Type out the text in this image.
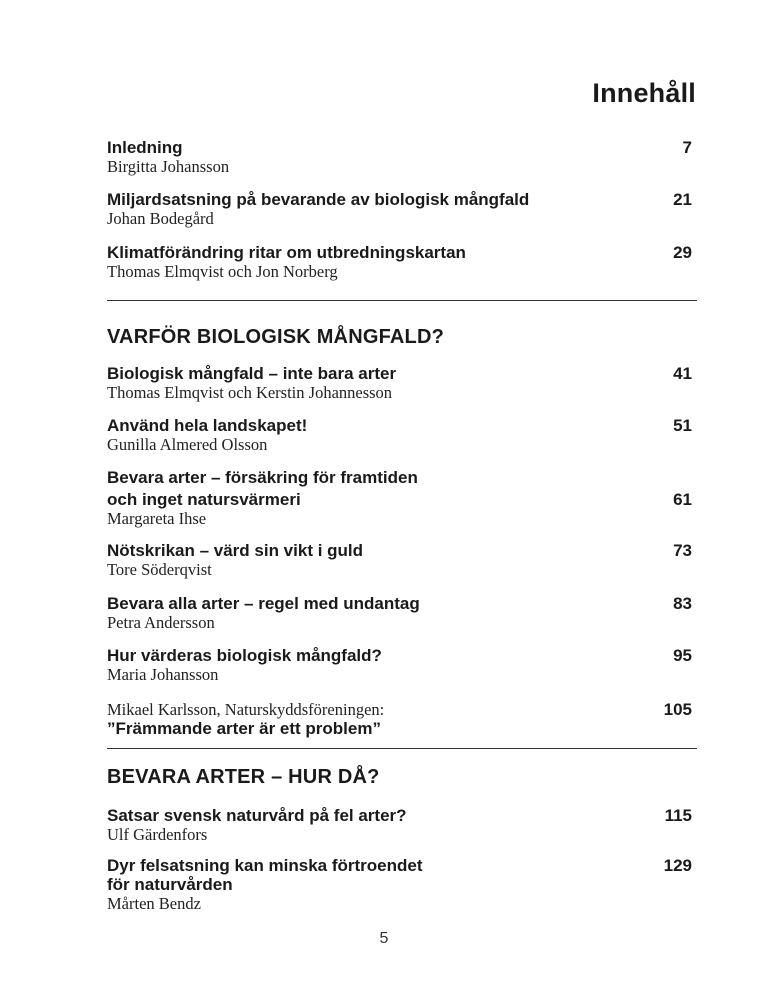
Innehåll
Inledning
Birgitta Johansson
7
Miljardsatsning på bevarande av biologisk mångfald
Johan Bodegård
21
Klimatförändring ritar om utbredningskartan
Thomas Elmqvist och Jon Norberg
29
VARFÖR BIOLOGISK MÅNGFALD?
Biologisk mångfald – inte bara arter
Thomas Elmqvist och Kerstin Johannesson
41
Använd hela landskapet!
Gunilla Almered Olsson
51
Bevara arter – försäkring för framtiden
och inget natursvärmeri
Margareta Ihse
61
Nötskrikan – värd sin vikt i guld
Tore Söderqvist
73
Bevara alla arter – regel med undantag
Petra Andersson
83
Hur värderas biologisk mångfald?
Maria Johansson
95
Mikael Karlsson, Naturskyddsföreningen:
”Främmande arter är ett problem”
105
BEVARA ARTER – HUR DÅ?
Satsar svensk naturvård på fel arter?
Ulf Gärdenfors
115
Dyr felsatsning kan minska förtroendet
för naturvården
Mårten Bendz
129
5
